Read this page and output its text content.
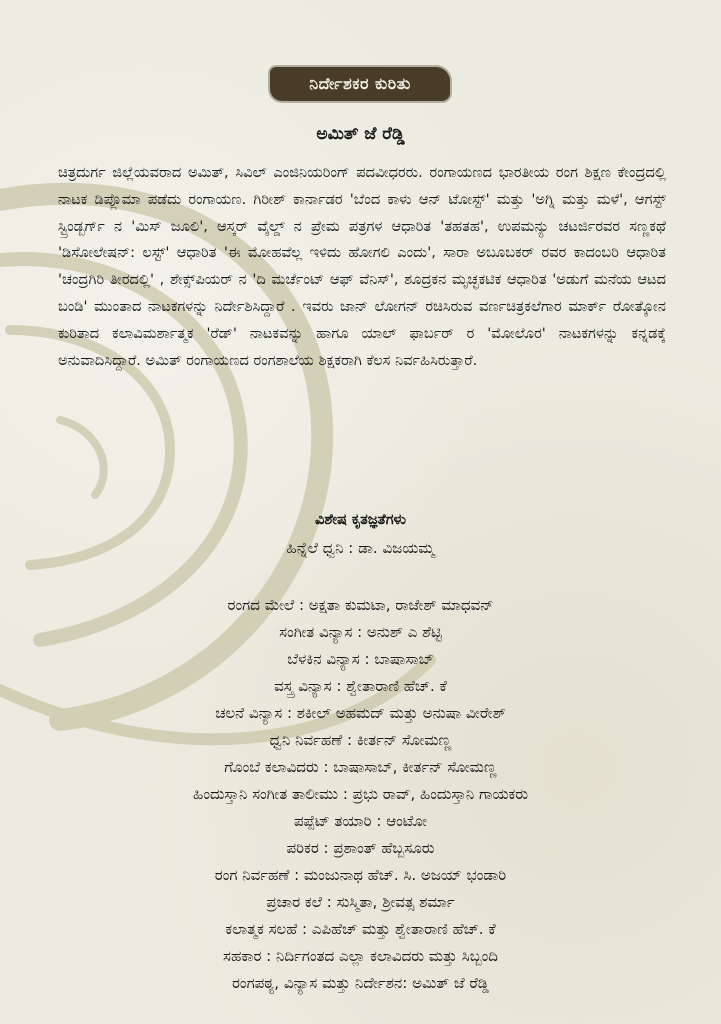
ನಿರ್ದೇಶಕರ ಕುರಿತು
ಅಮಿತ್ ಜೆ ರೆಡ್ಡಿ

ಚಿತ್ರದುರ್ಗ ಜಿಲ್ಲೆಯವರಾದ ಅಮಿತ್, ಸಿವಿಲ್ ಎಂಜಿನಿಯರಿಂಗ್ ಪದವೀಧರರು. ರಂಗಾಯಣದ ಭಾರತೀಯ ರಂಗ ಶಿಕ್ಷಣ ಕೇಂದ್ರದಲ್ಲಿ ನಾಟಕ ಡಿಪ್ಲೊಮಾ ಪಡೆದು ರಂಗಾಯಣ. ಗಿರೀಶ್ ಕಾರ್ನಾಡರ 'ಬೆಂದ ಕಾಳು ಆನ್ ಟೋಸ್ಟ್' ಮತ್ತು 'ಅಗ್ನಿ ಮತ್ತು ಮಳೆ', ಆಗಸ್ಟ್ ಸ್ಟ್ರಿಂಡ್ಬರ್ಗ್ ನ 'ಮಿಸ್ ಜೂಲಿ', ಆಸ್ಕರ್ ವೈಲ್ಡ್ ನ ಪ್ರೇಮ ಪತ್ರಗಳ ಆಧಾರಿತ 'ತಹತಹ', ಉಪಮನ್ಯು ಚಟರ್ಜಿರವರ ಸಣ್ಣಕಥೆ 'ಡಿಸೋಲೇಷನ್: ಲಸ್ಟ್' ಆಧಾರಿತ 'ಈ ಮೋಹವೆಲ್ಲ ಇಳಿದು ಹೋಗಲಿ ಎಂದು', ಸಾರಾ ಅಬೂಬಕರ್ ರವರ ಕಾದಂಬರಿ ಆಧಾರಿತ 'ಚಂದ್ರಗಿರಿ ತೀರದಲ್ಲಿ' , ಶೇಕ್ಸ್‌ಪಿಯರ್ ನ 'ದಿ ಮರ್ಚೆಂಟ್ ಆಫ್ ವೆನಿಸ್', ಶೂದ್ರಕನ ಮೃಚ್ಛಕಟಿಕ ಆಧಾರಿತ 'ಅಡುಗೆ ಮನೆಯ ಆಟದ ಬಂಡಿ' ಮುಂತಾದ ನಾಟಕಗಳನ್ನು ನಿರ್ದೇಶಿಸಿದ್ದಾರೆ . ಇವರು ಜಾನ್ ಲೋಗನ್ ರಚಿಸಿರುವ ವರ್ಣಚಿತ್ರಕಲೆಗಾರ ಮಾರ್ಕ್ ರೋತ್ಕೋನ ಕುರಿತಾದ ಕಲಾವಿಮರ್ಶಾತ್ಮಕ 'ರೆಡ್' ನಾಟಕವನ್ನು ಹಾಗೂ ಯಾಲ್ ಫಾರ್ಬರ್ ರ 'ಮೋಲೊರ' ನಾಟಕಗಳನ್ನು ಕನ್ನಡಕ್ಕೆ ಅನುವಾದಿಸಿದ್ದಾರೆ. ಅಮಿತ್ ರಂಗಾಯಣದ ರಂಗಶಾಲೆಯ ಶಿಕ್ಷಕರಾಗಿ ಕೆಲಸ ನಿರ್ವಹಿಸಿರುತ್ತಾರೆ.

ವಿಶೇಷ ಕೃತಜ್ಞತೆಗಳು
ಹಿನ್ನೆಲೆ ಧ್ವನಿ : ಡಾ. ವಿಜಯಮ್ಮ
ರಂಗದ ಮೇಲೆ : ಅಕ್ಷತಾ ಕುಮಟಾ, ರಾಜೇಶ್ ಮಾಧವನ್
ಸಂಗೀತ ವಿನ್ಯಾಸ : ಅನುಶ್ ಎ ಶೆಟ್ಟಿ
ಬೆಳಕಿನ ವಿನ್ಯಾಸ : ಬಾಷಾಸಾಬ್
ವಸ್ತ್ರ ವಿನ್ಯಾಸ : ಶ್ವೇತಾರಾಣಿ ಹೆಚ್. ಕೆ
ಚಲನೆ ವಿನ್ಯಾಸ : ಶಕೀಲ್ ಅಹಮದ್ ಮತ್ತು ಅನುಷಾ ವೀರೇಶ್
ಧ್ವನಿ ನಿರ್ವಹಣೆ : ಕೀರ್ತನ್ ಸೋಮಣ್ಣ
ಗೊಂಬೆ ಕಲಾವಿದರು : ಬಾಷಾಸಾಬ್, ಕೀರ್ತನ್ ಸೋಮಣ್ಣ
ಹಿಂದುಸ್ತಾನಿ ಸಂಗೀತ ತಾಲೀಮು : ಪ್ರಭು ರಾವ್, ಹಿಂದುಸ್ತಾನಿ ಗಾಯಕರು
ಪಪ್ಪೆಟ್ ತಯಾರಿ : ಆಂಟೋ
ಪರಿಕರ : ಪ್ರಶಾಂತ್ ಹೆಬ್ಬಸೂರು
ರಂಗ ನಿರ್ವಹಣೆ : ಮಂಜುನಾಥ ಹೆಚ್. ಸಿ. ಅಜಯ್ ಭಂಡಾರಿ
ಪ್ರಚಾರ ಕಲೆ : ಸುಸ್ಮಿತಾ, ಶ್ರೀವತ್ಸ ಶರ್ಮಾ
ಕಲಾತ್ಮಕ ಸಲಹೆ : ಎಪಿಹೆಚ್ ಮತ್ತು ಶ್ವೇತಾರಾಣಿ ಹೆಚ್. ಕೆ
ಸಹಕಾರ : ನಿರ್ದಿಗಂತದ ಎಲ್ಲಾ ಕಲಾವಿದರು ಮತ್ತು ಸಿಬ್ಬಂದಿ
ರಂಗಪಠ್ಯ, ವಿನ್ಯಾಸ ಮತ್ತು ನಿರ್ದೇಶನ: ಅಮಿತ್ ಜೆ ರೆಡ್ಡಿ
